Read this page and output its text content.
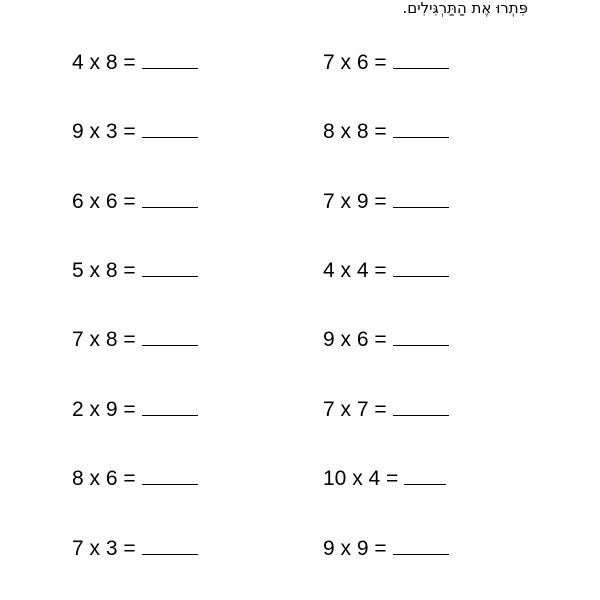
פִּתְרוּ אֶת הַתַּרְגִּילִים.
4 x 8 =
9 x 3 =
6 x 6 =
5 x 8 =
7 x 8 =
2 x 9 =
8 x 6 =
7 x 3 =
7 x 6 =
8 x 8 =
7 x 9 =
4 x 4 =
9 x 6 =
7 x 7 =
10 x 4 =
9 x 9 =
